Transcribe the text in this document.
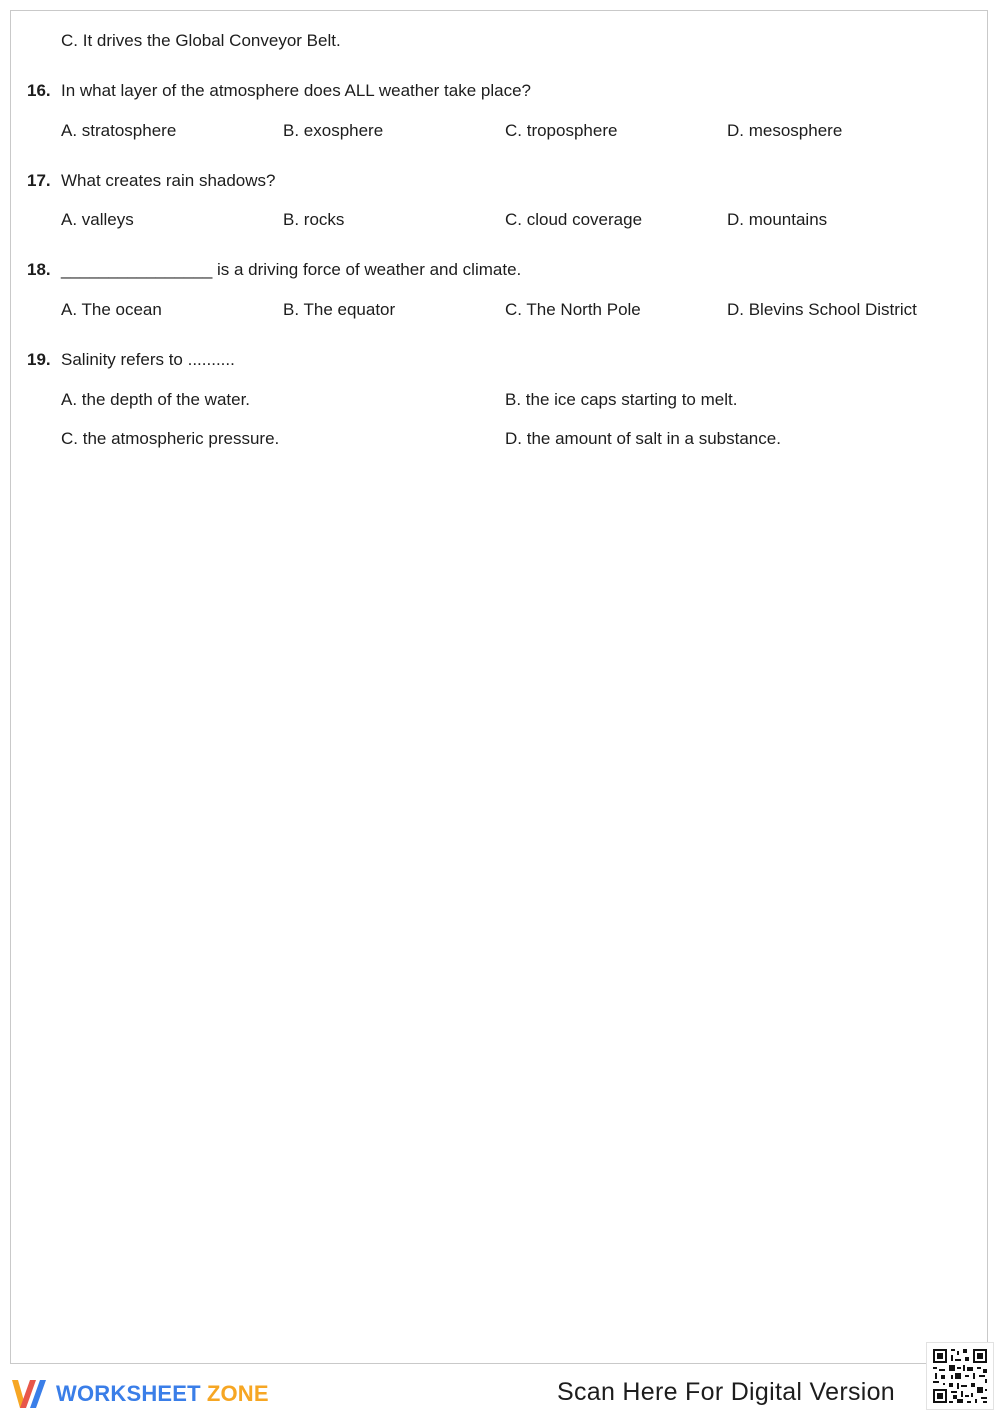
C. It drives the Global Conveyor Belt.
16. In what layer of the atmosphere does ALL weather take place?
A. stratosphere	B. exosphere	C. troposphere	D. mesosphere
17. What creates rain shadows?
A. valleys	B. rocks	C. cloud coverage	D. mountains
18. ________________ is a driving force of weather and climate.
A. The ocean	B. The equator	C. The North Pole	D. Blevins School District
19. Salinity refers to ..........
A. the depth of the water.	B. the ice caps starting to melt.
C. the atmospheric pressure.	D. the amount of salt in a substance.
WORKSHEET ZONE	Scan Here For Digital Version
